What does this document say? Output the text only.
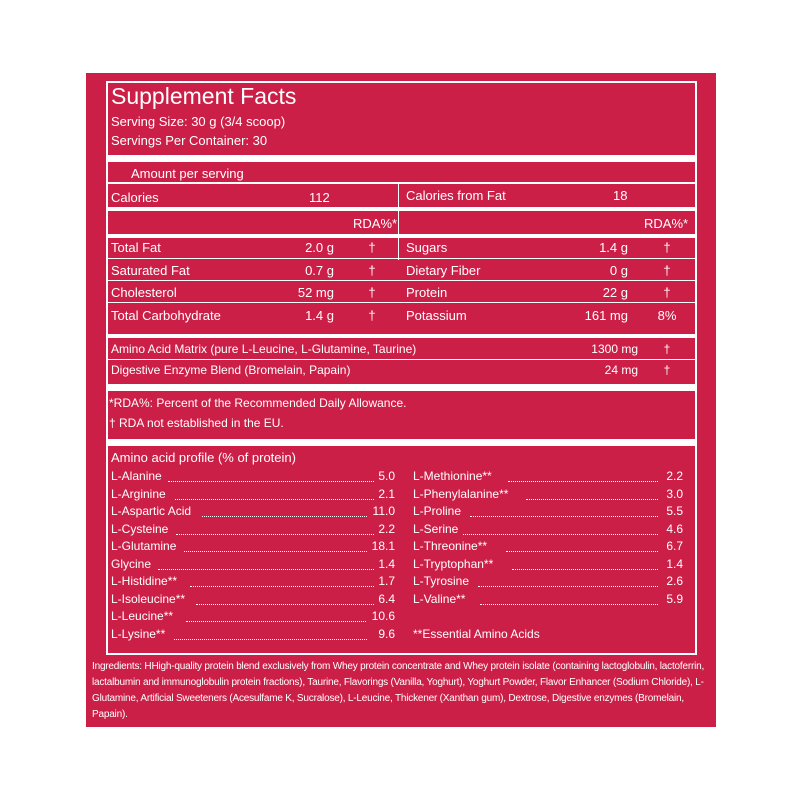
Supplement Facts
Serving Size: 30 g (3/4 scoop)
Servings Per Container: 30
Amount per serving
Calories	112	Calories from Fat	18
RDA%*	RDA%*
Total Fat	2.0 g	†	Sugars	1.4 g	†
Saturated Fat	0.7 g	†	Dietary Fiber	0 g	†
Cholesterol	52 mg	†	Protein	22 g	†
Total Carbohydrate	1.4 g	†	Potassium	161 mg 8%
Amino Acid Matrix (pure L-Leucine, L-Glutamine, Taurine)	1300 mg	†
Digestive Enzyme Blend (Bromelain, Papain)	24 mg	†
*RDA%: Percent of the Recommended Daily Allowance.
† RDA not established in the EU.
Amino acid profile (% of protein)
L-Alanine	5.0
L-Arginine	2.1
L-Aspartic Acid	11.0
L-Cysteine	2.2
L-Glutamine	18.1
Glycine	1.4
L-Histidine**	1.7
L-Isoleucine**	6.4
L-Leucine**	10.6
L-Lysine**	9.6
L-Methionine**	2.2
L-Phenylalanine**	3.0
L-Proline	5.5
L-Serine	4.6
L-Threonine**	6.7
L-Tryptophan**	1.4
L-Tyrosine	2.6
L-Valine**	5.9
**Essential Amino Acids
Ingredients: HHigh-quality protein blend exclusively from Whey protein concentrate and Whey protein isolate (containing lactoglobulin, lactoferrin, lactalbumin and immunoglobulin protein fractions), Taurine, Flavorings (Vanilla, Yoghurt), Yoghurt Powder, Flavor Enhancer (Sodium Chloride), L-Glutamine, Artificial Sweeteners (Acesulfame K, Sucralose), L-Leucine, Thickener (Xanthan gum), Dextrose, Digestive enzymes (Bromelain, Papain).
